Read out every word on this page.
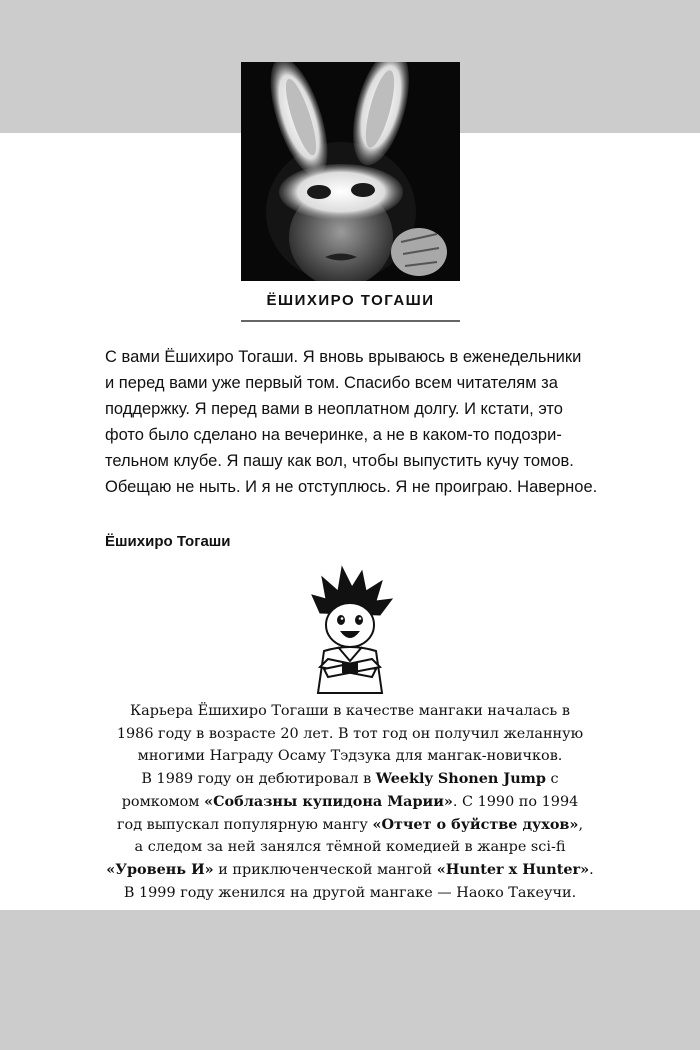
ЁШИХИРО ТОГАШИ

С вами Ёшихиро Тогаши. Я вновь врываюсь в еженедельники

и перед вами уже первый том. Спасибо всем читателям за

поддержку. Я перед вами в неоплатном долгу. И кстати, это

фото было сделано на вечеринке, а не в каком-то подозри-

тельном клубе. Я пашу как вол, чтобы выпустить кучу томов.

Обещаю не ныть. И я не отступлюсь. Я не проиграю. Наверное.

Ёшихиро Тогаши
Карьера Ёшихиро Тогаши в качестве мангаки началась в
1986 году в возрасте 20 лет. В тот год он получил желанную
многими Награду Осаму Тэдзука для мангак-новичков.
В 1989 году он дебютировал в Weekly Shonen Jump с
ромкомом «Соблазны купидона Марии». С 1990 по 1994
год выпускал популярную мангу «Отчет о буйстве духов»,
а следом за ней занялся тёмной комедией в жанре sci-fi
«Уровень И» и приключенческой мангой «Hunter x Hunter».
В 1999 году женился на другой мангаке — Наоко Такеучи.
